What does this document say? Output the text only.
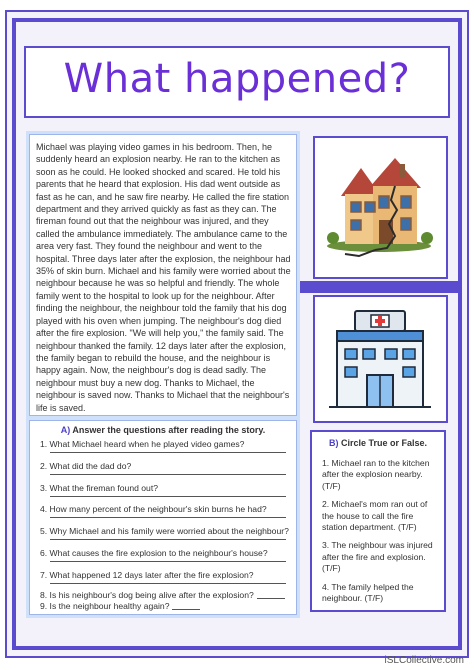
What happened?

Michael was playing video games in his bedroom. Then, he suddenly heard an explosion nearby. He ran to the kitchen as soon as he could. He looked shocked and scared. He told his parents that he heard that explosion. His dad went outside as fast as he can, and he saw fire nearby. He called the fire station department and they arrived quickly as fast as they can. The fireman found out that the neighbour was injured, and they called the ambulance immediately. The ambulance came to the area very fast. They found the neighbour and went to the hospital. Three days later after the explosion, the neighbour had 35% of skin burn. Michael and his family were worried about the neighbour because he was so helpful and friendly. The whole family went to the hospital to look up for the neighbour. After finding the neighbour, the neighbour told the family that his dog played with his oven when jumping. The neighbour's dog died after the fire explosion. "We will help you," the family said. The neighbour thanked the family. 12 days later after the explosion, the family began to rebuild the house, and the neighbour is happy again. Now, the neighbour's dog is dead sadly. The neighbour must buy a new dog. Thanks to Michael, the neighbour is saved now. Thanks to Michael that the neighbour's life is saved.

A) Answer the questions after reading the story.
1. What Michael heard when he played video games?
2. What did the dad do?
3. What the fireman found out?
4. How many percent of the neighbour's skin burns he had?
5. Why Michael and his family were worried about the neighbour?
6. What causes the fire explosion to the neighbour's house?
7. What happened 12 days later after the fire explosion?
8. Is his neighbour's dog being alive after the explosion?
9. Is the neighbour healthy again?
B) Circle True or False.
1. Michael ran to the kitchen after the explosion nearby. (T/F)
2. Michael's mom ran out of the house to call the fire station department. (T/F)
3. The neighbour was injured after the fire and explosion. (T/F)
4. The family helped the neighbour. (T/F)
iSLCollective.com
